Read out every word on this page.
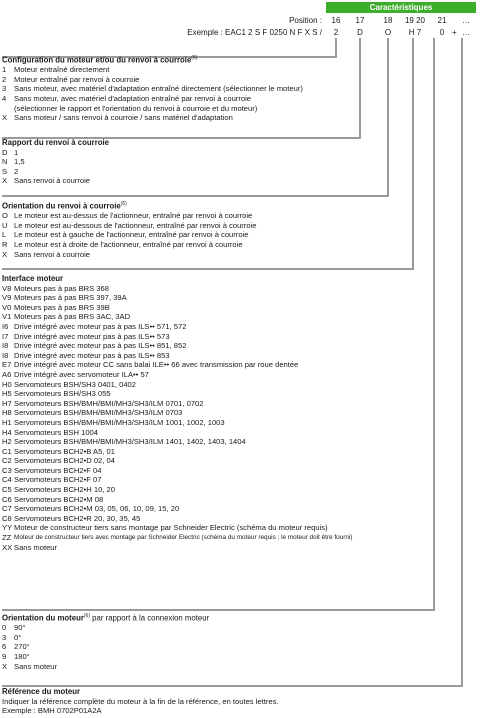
Caractéristiques
Position :	16	17	18	19 20	21	…
Exemple : EAC1 2 S F 0250 N F X S /	2	D	O	H 7	0 + …
Configuration du moteur et/ou du renvoi à courroie$^{(6)}$
1	Moteur entraîné directement
2	Moteur entraîné par renvoi à courroie
3	Sans moteur, avec matériel d'adaptation entraîné directement (sélectionner le moteur)
4	Sans moteur, avec matériel d'adaptation entraîné par renvoi à courroie
(sélectionner le rapport et l'orientation du renvoi à courroie et du moteur)
X Sans moteur / sans renvoi à courroie / sans matériel d'adaptation
Rapport du renvoi à courroie
D 1
N 1,5
S 2
X Sans renvoi à courroie
Orientation du renvoi à courroie$^{(6)}$
O Le moteur est au-dessus de l'actionneur, entraîné par renvoi à courroie
U Le moteur est au-dessous de l'actionneur, entraîné par renvoi à courroie
L	Le moteur est à gauche de l'actionneur, entraîné par renvoi à courroie
R Le moteur est à droite de l'actionneur, entraîné par renvoi à courroie
X Sans renvoi à courroie
Interface moteur
V8 Moteurs pas à pas BRS 368
V9 Moteurs pas à pas BRS 397, 39A
V0 Moteurs pas à pas BRS 39B
V1 Moteurs pas à pas BRS 3AC, 3AD
I6 Drive intégré avec moteur pas à pas ILS•• 571, 572
I7 Drive intégré avec moteur pas à pas ILS•• 573
I8 Drive intégré avec moteur pas à pas ILS•• 851, 852
I8 Drive intégré avec moteur pas à pas ILS•• 853
E7 Drive intégré avec moteur CC sans balai ILE•• 66 avec transmission par roue dentée
A6 Drive intégré avec servomoteur ILA•• 57
H0 Servomoteurs BSH/SH3 0401, 0402
H5 Servomoteurs BSH/SH3 055
H7 Servomoteurs BSH/BMH/BMI/MH3/SH3/ILM 0701, 0702
H8 Servomoteurs BSH/BMH/BMI/MH3/SH3/ILM 0703
H1 Servomoteurs BSH/BMH/BMI/MH3/SH3/ILM 1001, 1002, 1003
H4 Servomoteurs BSH 1004
H2 Servomoteurs BSH/BMH/BMI/MH3/SH3/ILM 1401, 1402, 1403, 1404
C1 Servomoteurs BCH2•B A5, 01
C2 Servomoteurs BCH2•D 02, 04
C3 Servomoteurs BCH2•F 04
C4 Servomoteurs BCH2•F 07
C5 Servomoteurs BCH2•H 10, 20
C6 Servomoteurs BCH2•M 08
C7 Servomoteurs BCH2•M 03, 05, 06, 10, 09, 15, 20
C8 Servomoteurs BCH2•R 20, 30, 35, 45
YY Moteur de constructeur tiers sans montage par Schneider Electric (schéma du moteur requis)
ZZ Moteur de constructeur tiers avec montage par Schneider Electric (schéma du moteur requis ; le moteur doit être fourni)
XX Sans moteur
Orientation du moteur$^{(6)}$ par rapport à la connexion moteur
0	90°
3	0°
6	270°
9	180°
X Sans moteur
Référence du moteur
Indiquer la référence complète du moteur à la fin de la référence, en toutes lettres.
Exemple : BMH 0702P01A2A
